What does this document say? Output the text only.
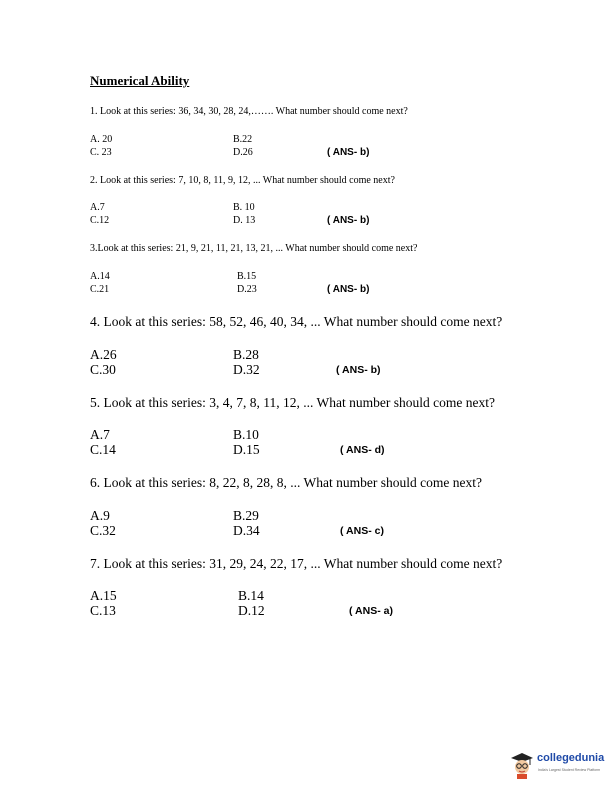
Numerical Ability
1. Look at this series: 36, 34, 30, 28, 24,……. What number should come next?
A. 20	B.22
C. 23	D.26	( ANS- b)
2. Look at this series: 7, 10, 8, 11, 9, 12, ... What number should come next?
A.7	B. 10
C.12	D. 13	( ANS- b)
3.Look at this series: 21, 9, 21, 11, 21, 13, 21, ... What number should come next?
A.14	B.15
C.21	D.23	( ANS- b)
4. Look at this series: 58, 52, 46, 40, 34, ... What number should come next?
A.26	B.28
C.30	D.32	( ANS- b)
5. Look at this series: 3, 4, 7, 8, 11, 12, ... What number should come next?
A.7	B.10
C.14	D.15	( ANS- d)
6. Look at this series: 8, 22, 8, 28, 8, ... What number should come next?
A.9	B.29
C.32	D.34	( ANS- c)
7. Look at this series: 31, 29, 24, 22, 17, ... What number should come next?
A.15	B.14
C.13	D.12	( ANS- a)
collegedunia
India's Largest Student Review Platform
